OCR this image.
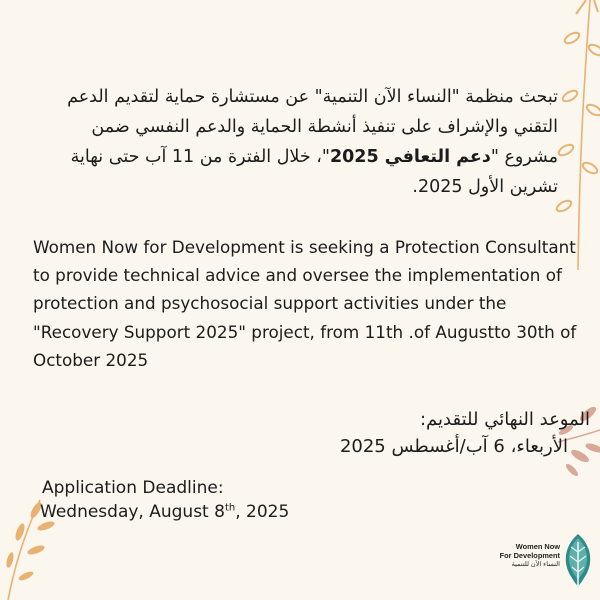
تبحث منظمة "النساء الآن التنمية" عن مستشارة حماية لتقديم الدعم التقني والإشراف على تنفيذ أنشطة الحماية والدعم النفسي ضمن مشروع "دعم التعافي 2025"، خلال الفترة من 11 آب حتى نهاية تشرين الأول 2025.
Women Now for Development is seeking a Protection Consultant to provide technical advice and oversee the implementation of protection and psychosocial support activities under the "Recovery Support 2025" project, from 11th .of Augustto 30th of October 2025
الموعد النهائي للتقديم:
الأربعاء، 6 آب/أغسطس 2025
Application Deadline:
Wednesday, August 8th, 2025
Women Now
For Development
النساء الآن للتنمية
